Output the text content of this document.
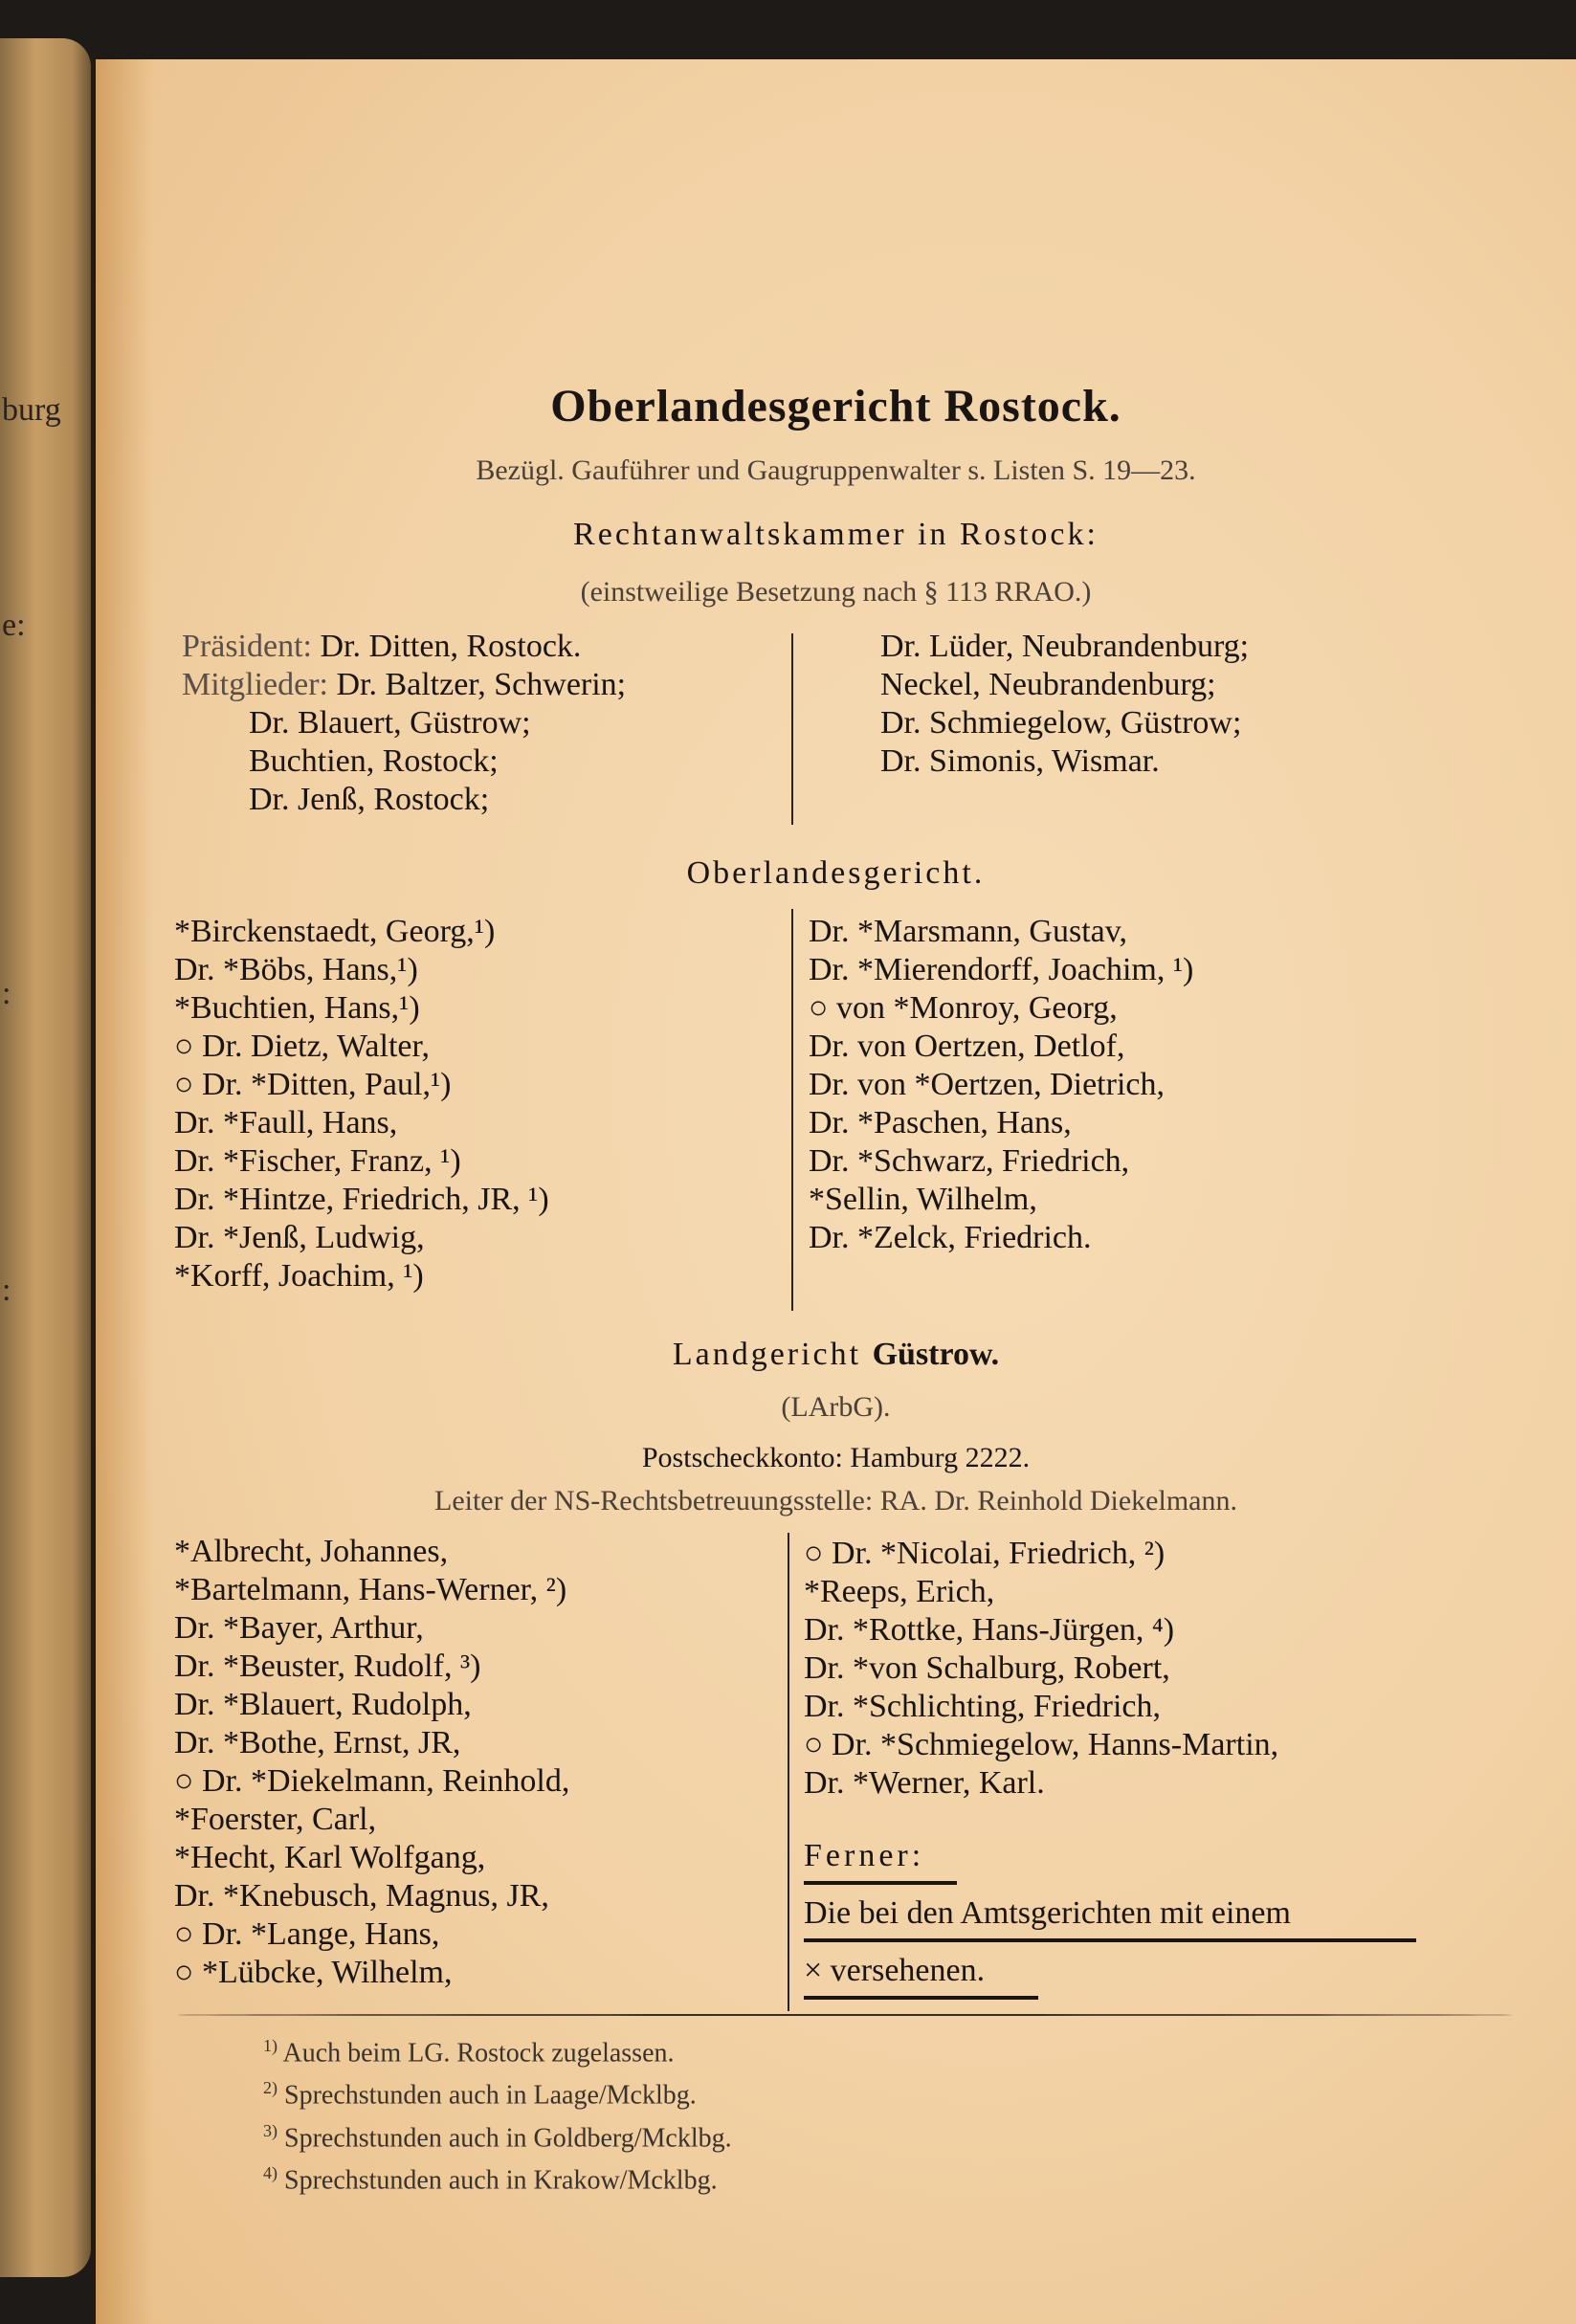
burg
e:
:
:
Oberlandesgericht Rostock.
Bezügl. Gauführer und Gaugruppenwalter s. Listen S. 19—23.
Rechtanwaltskammer in Rostock:
(einstweilige Besetzung nach § 113 RRAO.)
Präsident: Dr. Ditten, Rostock.
Mitglieder: Dr. Baltzer, Schwerin;
Dr. Blauert, Güstrow;
Buchtien, Rostock;
Dr. Jenß, Rostock;
Dr. Lüder, Neubrandenburg;
Neckel, Neubrandenburg;
Dr. Schmiegelow, Güstrow;
Dr. Simonis, Wismar.
Oberlandesgericht.
*Birckenstaedt, Georg,¹)
Dr. *Böbs, Hans,¹)
*Buchtien, Hans,¹)
○ Dr. Dietz, Walter,
○ Dr. *Ditten, Paul,¹)
Dr. *Faull, Hans,
Dr. *Fischer, Franz, ¹)
Dr. *Hintze, Friedrich, JR, ¹)
Dr. *Jenß, Ludwig,
*Korff, Joachim, ¹)
Dr. *Marsmann, Gustav,
Dr. *Mierendorff, Joachim, ¹)
○ von *Monroy, Georg,
Dr. von Oertzen, Detlof,
Dr. von *Oertzen, Dietrich,
Dr. *Paschen, Hans,
Dr. *Schwarz, Friedrich,
*Sellin, Wilhelm,
Dr. *Zelck, Friedrich.
Landgericht Güstrow.
(LArbG).
Postscheckkonto: Hamburg 2222.
Leiter der NS-Rechtsbetreuungsstelle: RA. Dr. Reinhold Diekelmann.
*Albrecht, Johannes,
*Bartelmann, Hans-Werner, ²)
Dr. *Bayer, Arthur,
Dr. *Beuster, Rudolf, ³)
Dr. *Blauert, Rudolph,
Dr. *Bothe, Ernst, JR,
○ Dr. *Diekelmann, Reinhold,
*Foerster, Carl,
*Hecht, Karl Wolfgang,
Dr. *Knebusch, Magnus, JR,
○ Dr. *Lange, Hans,
○ *Lübcke, Wilhelm,
○ Dr. *Nicolai, Friedrich, ²)
*Reeps, Erich,
Dr. *Rottke, Hans-Jürgen, ⁴)
Dr. *von Schalburg, Robert,
Dr. *Schlichting, Friedrich,
○ Dr. *Schmiegelow, Hanns-Martin,
Dr. *Werner, Karl.
Ferner:
Die bei den Amtsgerichten mit einem
× versehenen.
$^{1)}$ Auch beim LG. Rostock zugelassen.
$^{2)}$ Sprechstunden auch in Laage/Mcklbg.
$^{3)}$ Sprechstunden auch in Goldberg/Mcklbg.
$^{4)}$ Sprechstunden auch in Krakow/Mcklbg.
